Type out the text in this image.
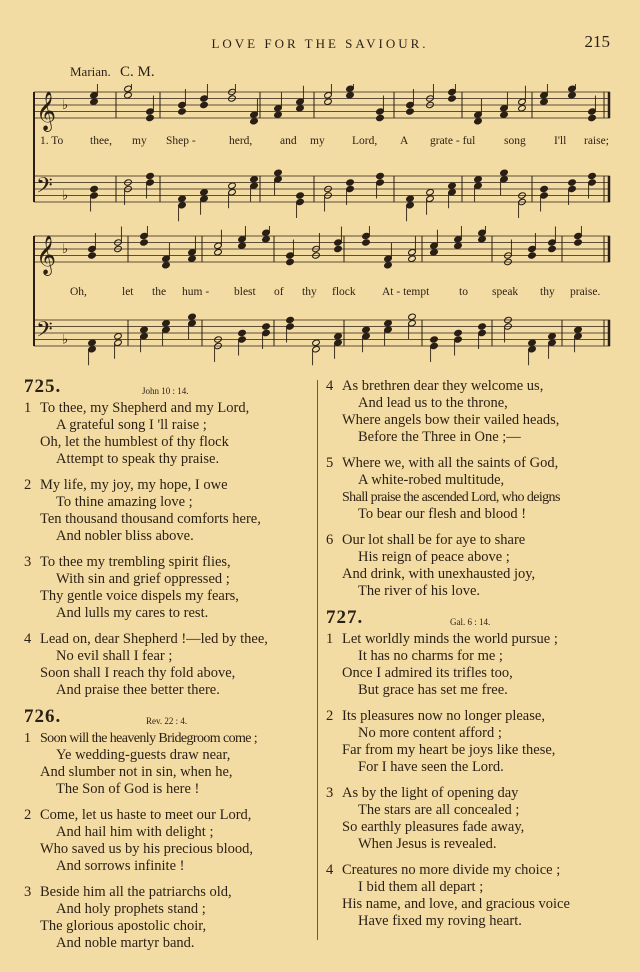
LOVE FOR THE SAVIOUR.	215
Marian. C. M.
𝄞 ♭
𝄢 ♭
1. To thee, my Shep -	herd, and my Lord, A grate - ful song I'll raise;
𝄞 ♭
𝄢 ♭
Oh,	let the hum - blest of thy flock At - tempt	to speak thy praise.
725.	John 10 : 14.
1 To thee, my Shepherd and my Lord,
A grateful song I 'll raise ;
Oh, let the humblest of thy flock
Attempt to speak thy praise.
2 My life, my joy, my hope, I owe
To thine amazing love ;
Ten thousand thousand comforts here,
And nobler bliss above.
3 To thee my trembling spirit flies,
With sin and grief oppressed ;
Thy gentle voice dispels my fears,
And lulls my cares to rest.
4 Lead on, dear Shepherd !—led by thee,
No evil shall I fear ;
Soon shall I reach thy fold above,
And praise thee better there.
726.	Rev. 22 : 4.
1 Soon will the heavenly Bridegroom come ;
Ye wedding-guests draw near,
And slumber not in sin, when he,
The Son of God is here !
2 Come, let us haste to meet our Lord,
And hail him with delight ;
Who saved us by his precious blood,
And sorrows infinite !
3 Beside him all the patriarchs old,
And holy prophets stand ;
The glorious apostolic choir,
And noble martyr band.
4 As brethren dear they welcome us,
And lead us to the throne,
Where angels bow their vailed heads,
Before the Three in One ;—
5 Where we, with all the saints of God,
A white-robed multitude,
Shall praise the ascended Lord, who deigns
To bear our flesh and blood !
6 Our lot shall be for aye to share
His reign of peace above ;
And drink, with unexhausted joy,
The river of his love.
727.	Gal. 6 : 14.
1 Let worldly minds the world pursue ;
It has no charms for me ;
Once I admired its trifles too,
But grace has set me free.
2 Its pleasures now no longer please,
No more content afford ;
Far from my heart be joys like these,
For I have seen the Lord.
3 As by the light of opening day
The stars are all concealed ;
So earthly pleasures fade away,
When Jesus is revealed.
4 Creatures no more divide my choice ;
I bid them all depart ;
His name, and love, and gracious voice
Have fixed my roving heart.
